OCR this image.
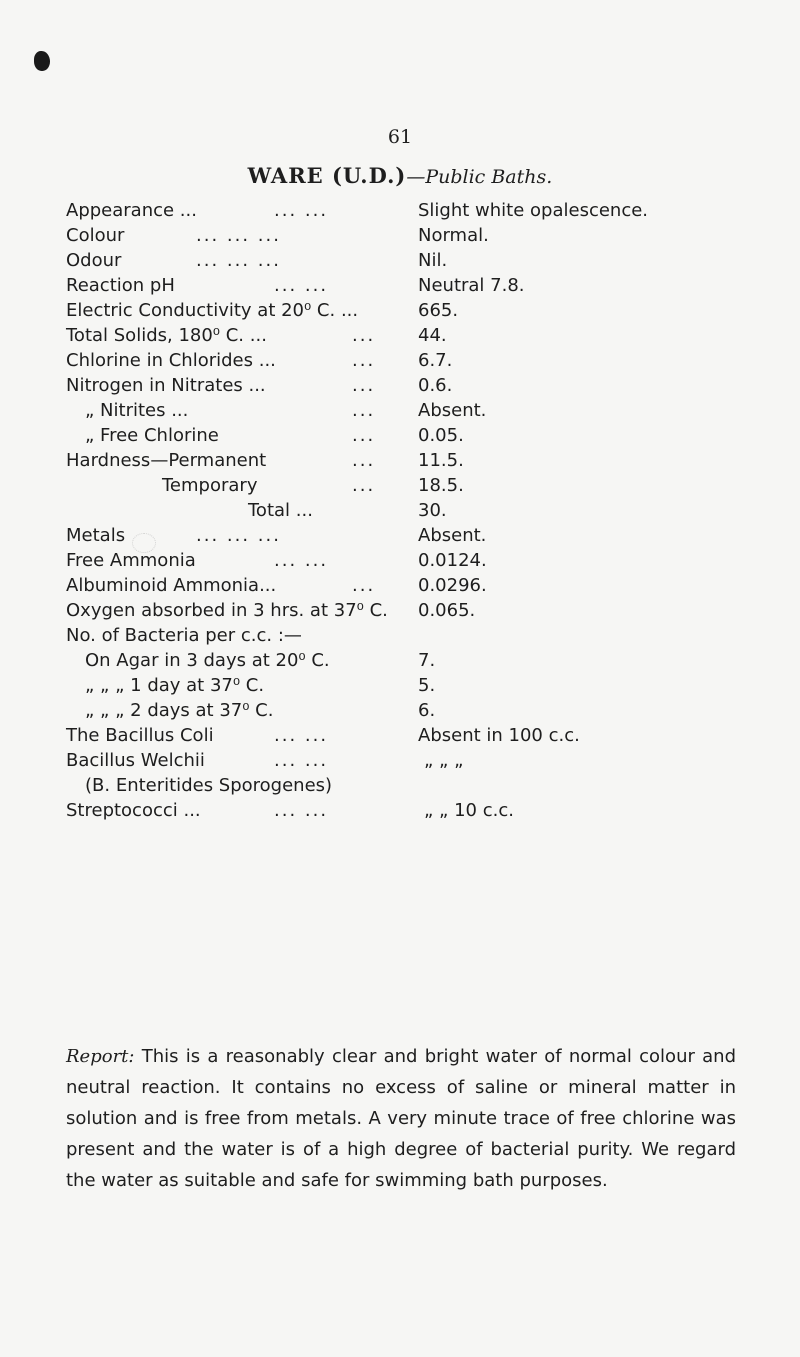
61
WARE (U.D.)—Public Baths.
Appearance ...	... ...	Slight white opalescence.
Colour	... ... ...	Normal.
Odour	... ... ...	Nil.
Reaction pH	... ...	Neutral 7.8.
Electric Conductivity at 20⁰ C. ...	665.
Total Solids, 180⁰ C. ...	... 44.
Chlorine in Chlorides ...	... 6.7.
Nitrogen in Nitrates ...	... 0.6.
„ Nitrites ...	... Absent.
„ Free Chlorine	... 0.05.
Hardness—Permanent	... 11.5.
Temporary	... 18.5.
Total ...	30.
Metals	... ... ...	Absent.
Free Ammonia	... ...	0.0124.
Albuminoid Ammonia...	... 0.0296.
Oxygen absorbed in 3 hrs. at 37⁰ C. 0.065.
No. of Bacteria per c.c. :—
On Agar in 3 days at 20⁰ C.	7.
„ „ „ 1 day at 37⁰ C.	5.
„ „ „ 2 days at 37⁰ C.	6.
The Bacillus Coli	... ...	Absent in 100 c.c.
Bacillus Welchii	... ...	„ „ „
(B. Enteritides Sporogenes)
Streptococci ...	... ...	„ „ 10 c.c.
Report: This is a reasonably clear and bright water of normal colour and neutral reaction. It contains no excess of saline or mineral matter in solution and is free from metals. A very minute trace of free chlorine was present and the water is of a high degree of bacterial purity. We regard the water as suitable and safe for swimming bath purposes.
